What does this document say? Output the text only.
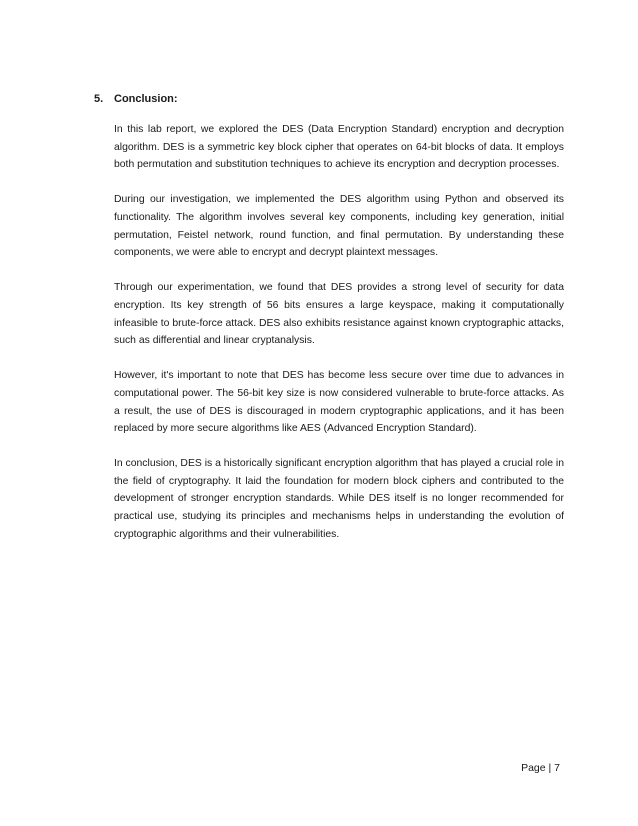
5. Conclusion:

In this lab report, we explored the DES (Data Encryption Standard) encryption and decryption algorithm. DES is a symmetric key block cipher that operates on 64-bit blocks of data. It employs both permutation and substitution techniques to achieve its encryption and decryption processes.

During our investigation, we implemented the DES algorithm using Python and observed its functionality. The algorithm involves several key components, including key generation, initial permutation, Feistel network, round function, and final permutation. By understanding these components, we were able to encrypt and decrypt plaintext messages.

Through our experimentation, we found that DES provides a strong level of security for data encryption. Its key strength of 56 bits ensures a large keyspace, making it computationally infeasible to brute-force attack. DES also exhibits resistance against known cryptographic attacks, such as differential and linear cryptanalysis.

However, it's important to note that DES has become less secure over time due to advances in computational power. The 56-bit key size is now considered vulnerable to brute-force attacks. As a result, the use of DES is discouraged in modern cryptographic applications, and it has been replaced by more secure algorithms like AES (Advanced Encryption Standard).

In conclusion, DES is a historically significant encryption algorithm that has played a crucial role in the field of cryptography. It laid the foundation for modern block ciphers and contributed to the development of stronger encryption standards. While DES itself is no longer recommended for practical use, studying its principles and mechanisms helps in understanding the evolution of cryptographic algorithms and their vulnerabilities.

Page | 7
